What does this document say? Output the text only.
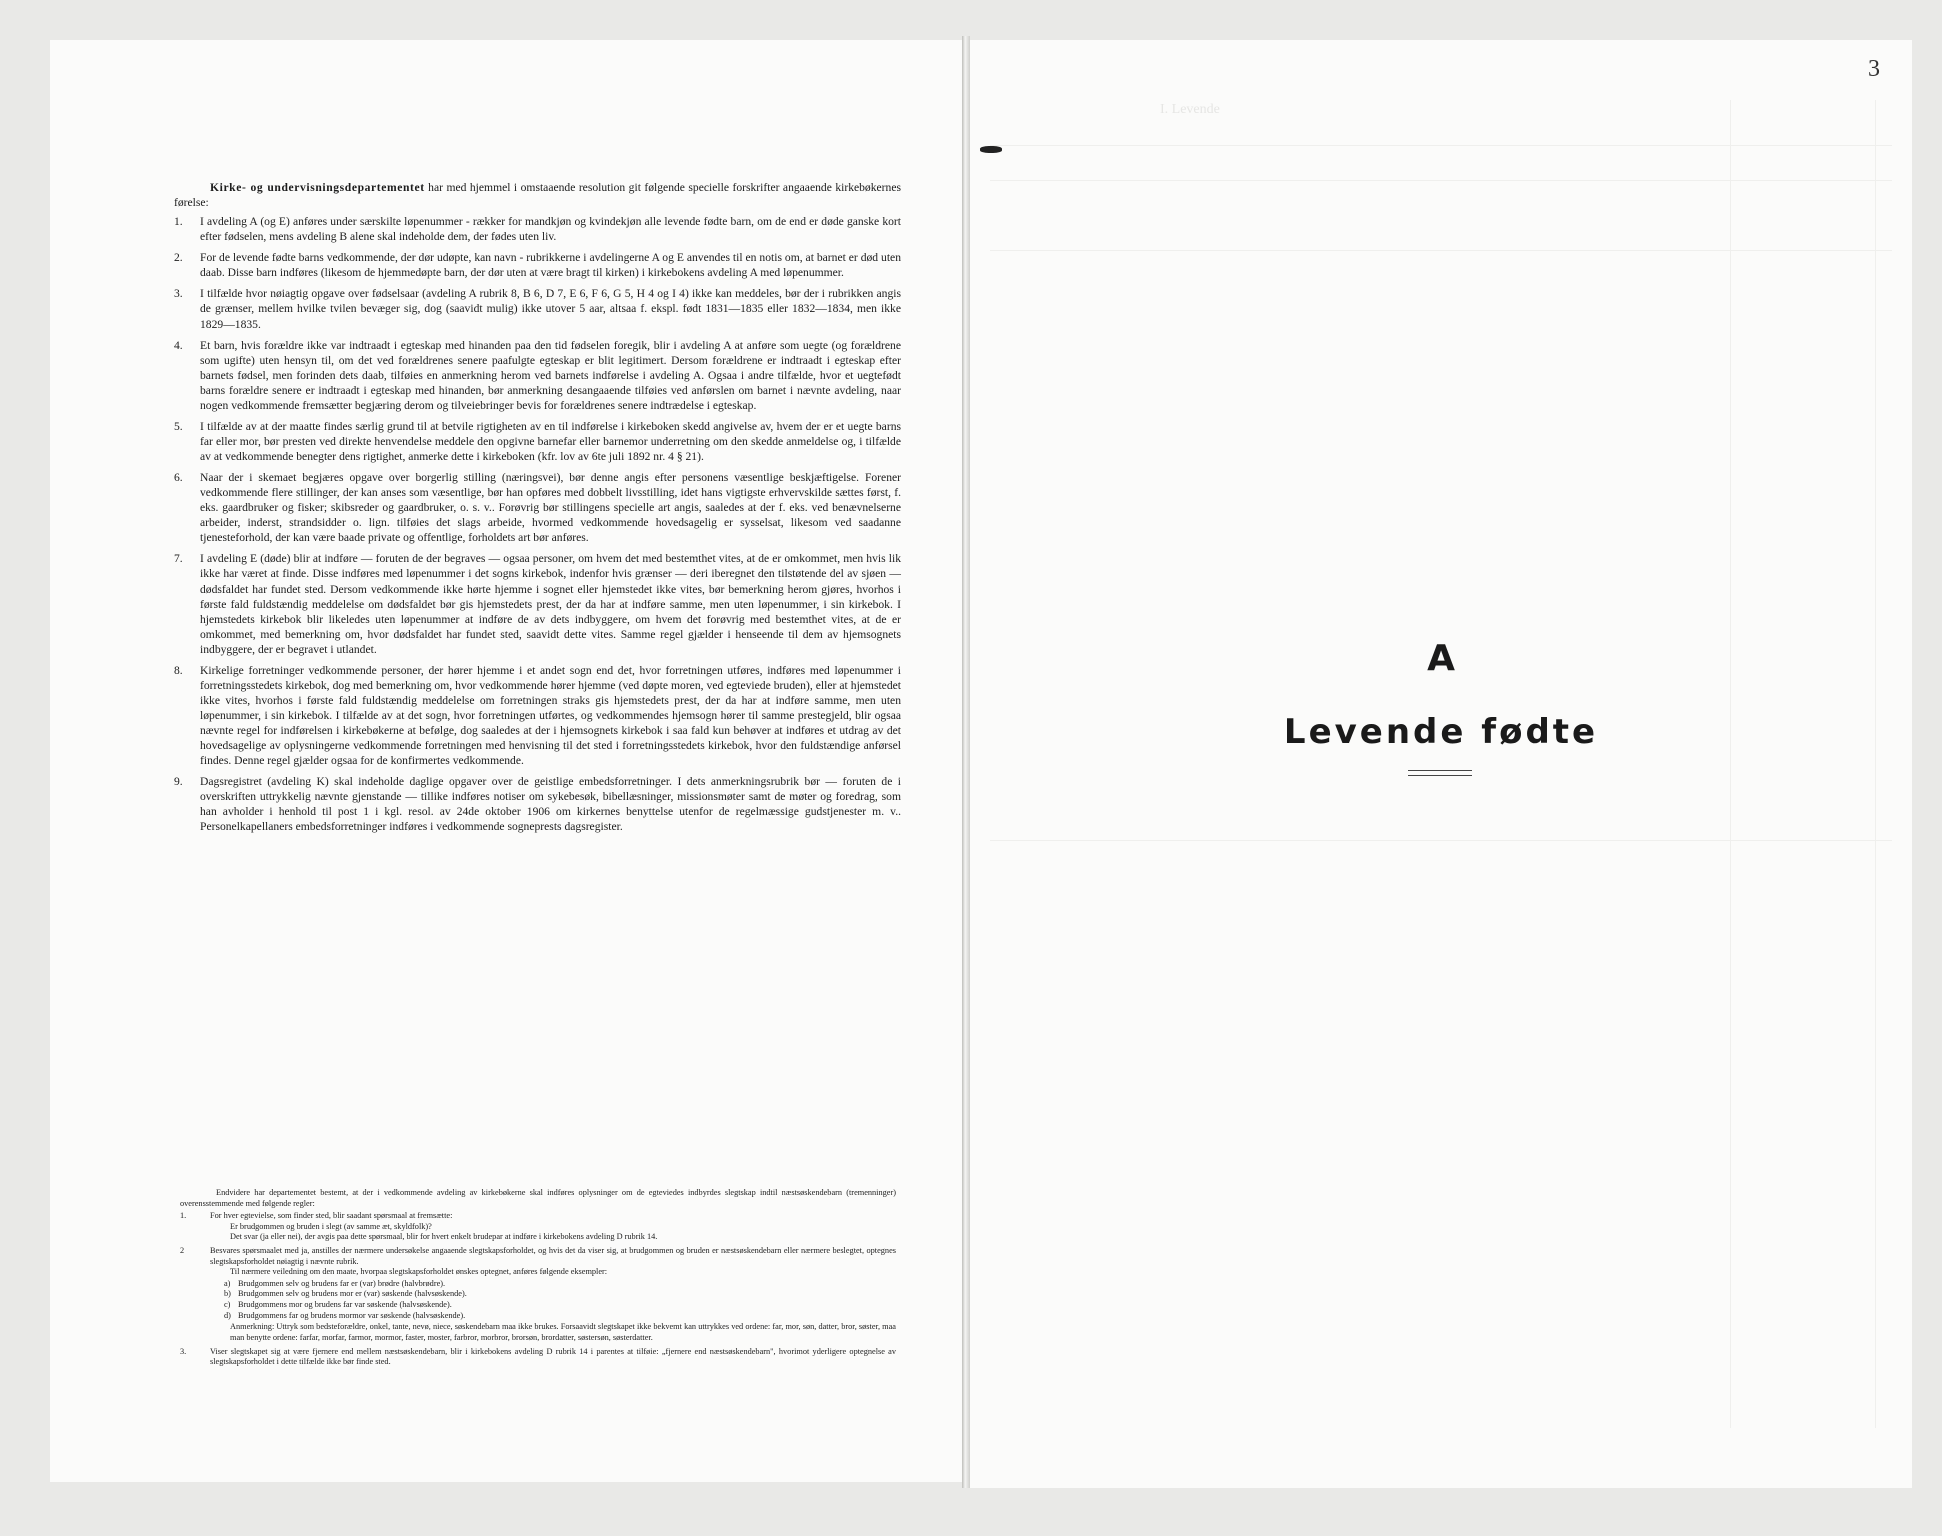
Kirke- og undervisningsdepartementet har med hjemmel i omstaaende resolution git følgende specielle forskrifter angaaende kirkebøkernes førelse:

1.	I avdeling A (og E) anføres under særskilte løpenummer - rækker for mandkjøn og kvindekjøn alle levende fødte barn, om de end er døde ganske kort efter fødselen, mens avdeling B alene skal indeholde dem, der fødes uten liv.
2.	For de levende fødte barns vedkommende, der dør udøpte, kan navn - rubrikkerne i avdelingerne A og E anvendes til en notis om, at barnet er død uten daab. Disse barn indføres (likesom de hjemmedøpte barn, der dør uten at være bragt til kirken) i kirkebokens avdeling A med løpenummer.
3.	I tilfælde hvor nøiagtig opgave over fødselsaar (avdeling A rubrik 8, B 6, D 7, E 6, F 6, G 5, H 4 og I 4) ikke kan meddeles, bør der i rubrikken angis de grænser, mellem hvilke tvilen bevæger sig, dog (saavidt mulig) ikke utover 5 aar, altsaa f. ekspl. født 1831—1835 eller 1832—1834, men ikke 1829—1835.
4.	Et barn, hvis forældre ikke var indtraadt i egteskap med hinanden paa den tid fødselen foregik, blir i avdeling A at anføre som uegte (og forældrene som ugifte) uten hensyn til, om det ved forældrenes senere paafulgte egteskap er blit legitimert. Dersom forældrene er indtraadt i egteskap efter barnets fødsel, men forinden dets daab, tilføies en anmerkning herom ved barnets indførelse i avdeling A. Ogsaa i andre tilfælde, hvor et uegtefødt barns forældre senere er indtraadt i egteskap med hinanden, bør anmerkning desangaaende tilføies ved anførslen om barnet i nævnte avdeling, naar nogen vedkommende fremsætter begjæring derom og tilveiebringer bevis for forældrenes senere indtrædelse i egteskap.
5.	I tilfælde av at der maatte findes særlig grund til at betvile rigtigheten av en til indførelse i kirkeboken skedd angivelse av, hvem der er et uegte barns far eller mor, bør presten ved direkte henvendelse meddele den opgivne barnefar eller barnemor underretning om den skedde anmeldelse og, i tilfælde av at vedkommende benegter dens rigtighet, anmerke dette i kirkeboken (kfr. lov av 6te juli 1892 nr. 4 § 21).
6.	Naar der i skemaet begjæres opgave over borgerlig stilling (næringsvei), bør denne angis efter personens væsentlige beskjæftigelse. Forener vedkommende flere stillinger, der kan anses som væsentlige, bør han opføres med dobbelt livsstilling, idet hans vigtigste erhvervskilde sættes først, f. eks. gaardbruker og fisker; skibsreder og gaardbruker, o. s. v.. Forøvrig bør stillingens specielle art angis, saaledes at der f. eks. ved benævnelserne arbeider, inderst, strandsidder o. lign. tilføies det slags arbeide, hvormed vedkommende hovedsagelig er sysselsat, likesom ved saadanne tjenesteforhold, der kan være baade private og offentlige, forholdets art bør anføres.
7.	I avdeling E (døde) blir at indføre — foruten de der begraves — ogsaa personer, om hvem det med bestemthet vites, at de er omkommet, men hvis lik ikke har været at finde. Disse indføres med løpenummer i det sogns kirkebok, indenfor hvis grænser — deri iberegnet den tilstøtende del av sjøen — dødsfaldet har fundet sted. Dersom vedkommende ikke hørte hjemme i sognet eller hjemstedet ikke vites, bør bemerkning herom gjøres, hvorhos i første fald fuldstændig meddelelse om dødsfaldet bør gis hjemstedets prest, der da har at indføre samme, men uten løpenummer, i sin kirkebok. I hjemstedets kirkebok blir likeledes uten løpenummer at indføre de av dets indbyggere, om hvem det forøvrig med bestemthet vites, at de er omkommet, med bemerkning om, hvor dødsfaldet har fundet sted, saavidt dette vites. Samme regel gjælder i henseende til dem av hjemsognets indbyggere, der er begravet i utlandet.
8.	Kirkelige forretninger vedkommende personer, der hører hjemme i et andet sogn end det, hvor forretningen utføres, indføres med løpenummer i forretningsstedets kirkebok, dog med bemerkning om, hvor vedkommende hører hjemme (ved døpte moren, ved egteviede bruden), eller at hjemstedet ikke vites, hvorhos i første fald fuldstændig meddelelse om forretningen straks gis hjemstedets prest, der da har at indføre samme, men uten løpenummer, i sin kirkebok. I tilfælde av at det sogn, hvor forretningen utførtes, og vedkommendes hjemsogn hører til samme prestegjeld, blir ogsaa nævnte regel for indførelsen i kirkebøkerne at befølge, dog saaledes at der i hjemsognets kirkebok i saa fald kun behøver at indføres et utdrag av det hovedsagelige av oplysningerne vedkommende forretningen med henvisning til det sted i forretningsstedets kirkebok, hvor den fuldstændige anførsel findes. Denne regel gjælder ogsaa for de konfirmertes vedkommende.
9.	Dagsregistret (avdeling K) skal indeholde daglige opgaver over de geistlige embedsforretninger. I dets anmerkningsrubrik bør — foruten de i overskriften uttrykkelig nævnte gjenstande — tillike indføres notiser om sykebesøk, bibellæsninger, missionsmøter samt de møter og foredrag, som han avholder i henhold til post 1 i kgl. resol. av 24de oktober 1906 om kirkernes benyttelse utenfor de regelmæssige gudstjenester m. v.. Personelkapellaners embedsforretninger indføres i vedkommende sogneprests dagsregister.

Endvidere har departementet bestemt, at der i vedkommende avdeling av kirkebøkerne skal indføres oplysninger om de egteviedes indbyrdes slegtskap indtil næstsøskendebarn (tremenninger) overensstemmende med følgende regler:

1.	For hver egtevielse, som finder sted, blir saadant spørsmaal at fremsætte:
Er brudgommen og bruden i slegt (av samme æt, skyldfolk)?
Det svar (ja eller nei), der avgis paa dette spørsmaal, blir for hvert enkelt brudepar at indføre i kirkebokens avdeling D rubrik 14.
2	Besvares spørsmaalet med ja, anstilles der nærmere undersøkelse angaaende slegtskapsforholdet, og hvis det da viser sig, at brudgommen og bruden er næstsøskendebarn eller nærmere beslegtet, optegnes slegtskapsforholdet nøiagtig i nævnte rubrik.
Til nærmere veiledning om den maate, hvorpaa slegtskapsforholdet ønskes optegnet, anføres følgende eksempler:
a) Brudgommen selv og brudens far er (var) brødre (halvbrødre).
b) Brudgommen selv og brudens mor er (var) søskende (halvsøskende).
c) Brudgommens mor og brudens far var søskende (halvsøskende).
d) Brudgommens far og brudens mormor var søskende (halvsøskende).
Anmerkning: Uttryk som bedsteforældre, onkel, tante, nevø, niece, søskendebarn maa ikke brukes. Forsaavidt slegtskapet ikke bekvemt kan uttrykkes ved ordene: far, mor, søn, datter, bror, søster, maa man benytte ordene: farfar, morfar, farmor, mormor, faster, moster, farbror, morbror, brorsøn, brordatter, søstersøn, søsterdatter.
3.	Viser slegtskapet sig at være fjernere end mellem næstsøskendebarn, blir i kirkebokens avdeling D rubrik 14 i parentes at tilføie: „fjernere end næstsøskendebarn", hvorimot yderligere optegnelse av slegtskapsforholdet i dette tilfælde ikke bør finde sted.
3
I. Levende
A
Levende fødte
